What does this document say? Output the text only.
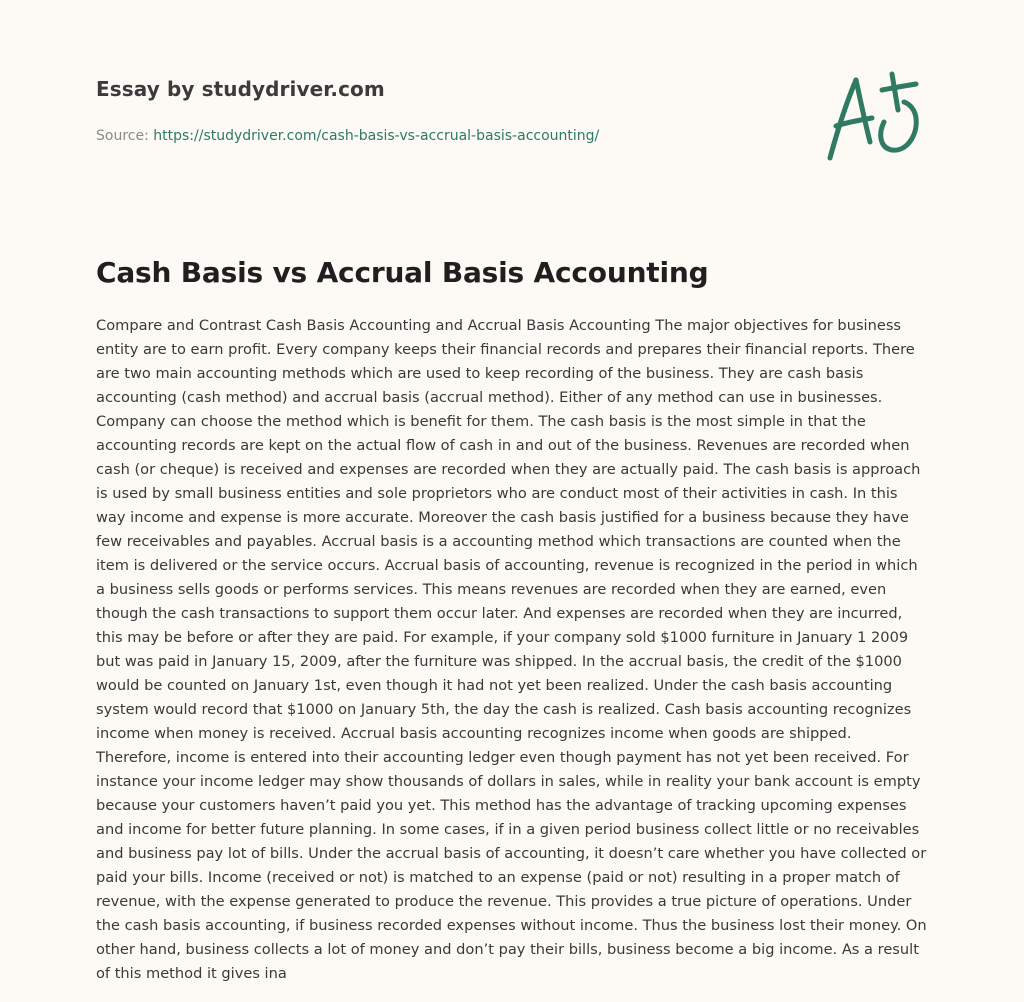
Essay by studydriver.com
Source: https://studydriver.com/cash-basis-vs-accrual-basis-accounting/
Cash Basis vs Accrual Basis Accounting

Compare and Contrast Cash Basis Accounting and Accrual Basis Accounting The major objectives for business entity are to earn profit. Every company keeps their financial records and prepares their financial reports. There are two main accounting methods which are used to keep recording of the business. They are cash basis accounting (cash method) and accrual basis (accrual method). Either of any method can use in businesses. Company can choose the method which is benefit for them. The cash basis is the most simple in that the accounting records are kept on the actual flow of cash in and out of the business. Revenues are recorded when cash (or cheque) is received and expenses are recorded when they are actually paid. The cash basis is approach is used by small business entities and sole proprietors who are conduct most of their activities in cash. In this way income and expense is more accurate. Moreover the cash basis justified for a business because they have few receivables and payables. Accrual basis is a accounting method which transactions are counted when the item is delivered or the service occurs. Accrual basis of accounting, revenue is recognized in the period in which a business sells goods or performs services. This means revenues are recorded when they are earned, even though the cash transactions to support them occur later. And expenses are recorded when they are incurred, this may be before or after they are paid. For example, if your company sold $1000 furniture in January 1 2009 but was paid in January 15, 2009, after the furniture was shipped. In the accrual basis, the credit of the $1000 would be counted on January 1st, even though it had not yet been realized. Under the cash basis accounting system would record that $1000 on January 5th, the day the cash is realized. Cash basis accounting recognizes income when money is received. Accrual basis accounting recognizes income when goods are shipped. Therefore, income is entered into their accounting ledger even though payment has not yet been received. For instance your income ledger may show thousands of dollars in sales, while in reality your bank account is empty because your customers haven’t paid you yet. This method has the advantage of tracking upcoming expenses and income for better future planning. In some cases, if in a given period business collect little or no receivables and business pay lot of bills. Under the accrual basis of accounting, it doesn’t care whether you have collected or paid your bills. Income (received or not) is matched to an expense (paid or not) resulting in a proper match of revenue, with the expense generated to produce the revenue. This provides a true picture of operations. Under the cash basis accounting, if business recorded expenses without income. Thus the business lost their money. On other hand, business collects a lot of money and don’t pay their bills, business become a big income. As a result of this method it gives ina
